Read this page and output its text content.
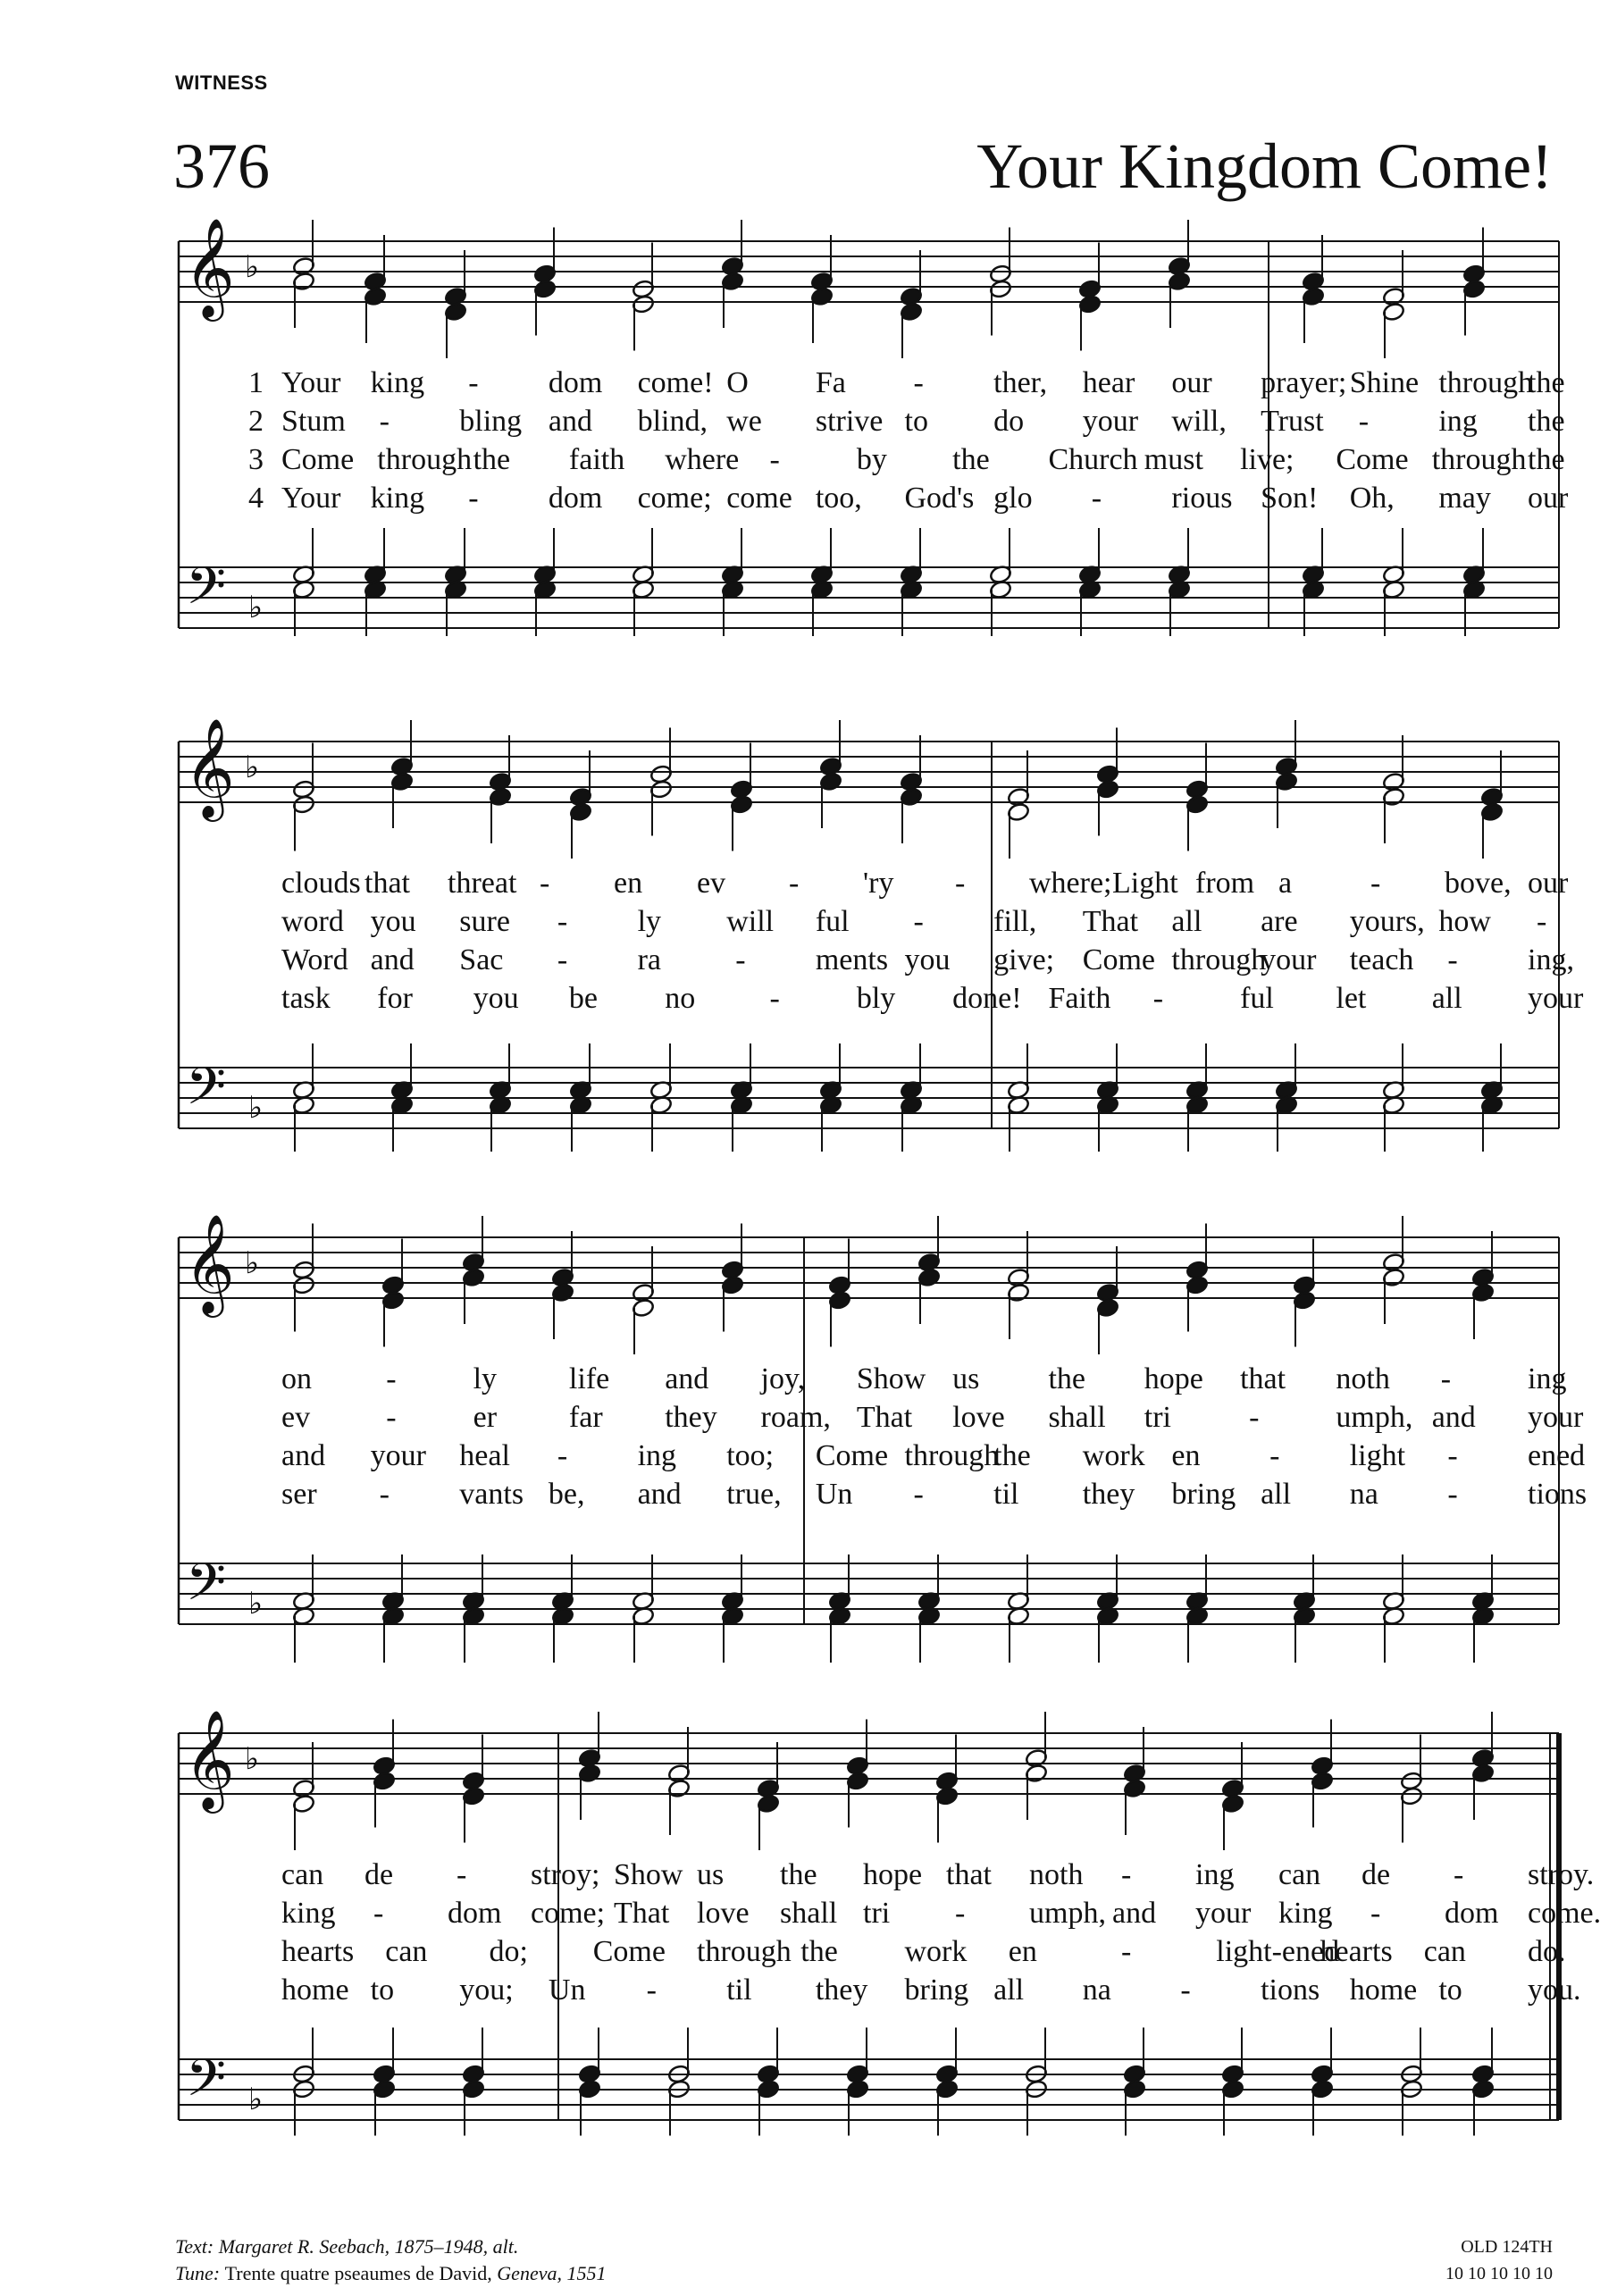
WITNESS
376	Your Kingdom Come!
𝄞
𝄢
♭
♭
1 Your king - dom come! O Fa - ther, hear our prayer; Shine through
the
2 Stum - bling and blind, we strive to do your will, Trust - ing the
3 Come through the faith where -	by the Church must live; Come through the
4 Your king - dom come; come too, God's glo - rious Son! Oh, may our
𝄞
𝄢
♭
♭
clouds that threat - en ev - 'ry - where; Light from a	- bove, our
word you sure - ly will ful - fill, That all are yours, how -
Word and Sac - ra - ments you give; Come through
your teach - ing,
task for you be no -	bly done! Faith -	ful let all your
𝄞
𝄢
♭
♭
on -	ly life and joy, Show us the hope that noth -	ing
ev	-	er far they roam, That love shall tri	-	umph, and your
and your heal - ing too; Come through
the work en - light - ened
ser - vants be, and true, Un - til they bring all na - tions
𝄞
𝄢
♭
♭
can de - stroy; Show us the hope that noth - ing can de - stroy.
king - dom come; That love shall tri - umph, and your king - dom come.
hearts can do; Come through the work en	-	light-ened
hearts can do.
home to you; Un - til they bring all na - tions home to you.
Text: Margaret R. Seebach, 1875–1948, alt.
Tune: Trente quatre pseaumes de David, Geneva, 1551
OLD 124TH
10 10 10 10 10
